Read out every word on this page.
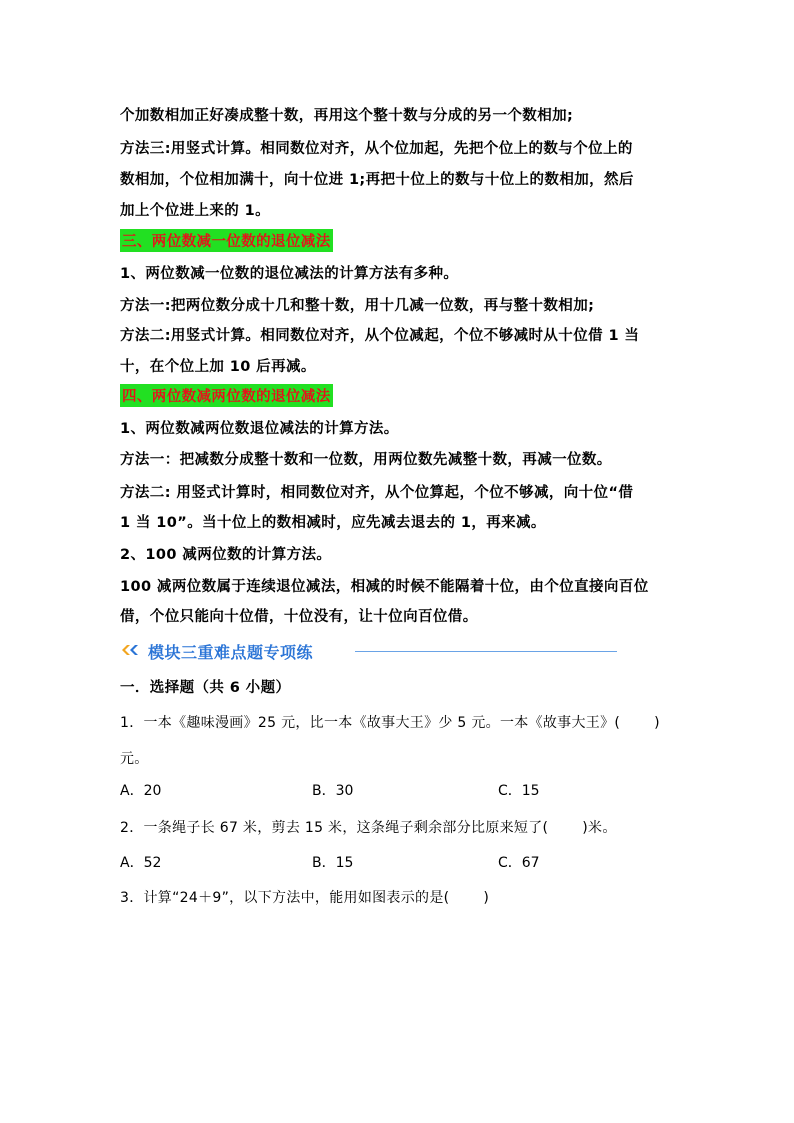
个加数相加正好凑成整十数，再用这个整十数与分成的另一个数相加;
方法三:用竖式计算。相同数位对齐，从个位加起，先把个位上的数与个位上的
数相加，个位相加满十，向十位进 1;再把十位上的数与十位上的数相加，然后
加上个位进上来的 1。
三、两位数减一位数的退位减法
1、两位数减一位数的退位减法的计算方法有多种。
方法一:把两位数分成十几和整十数，用十几减一位数，再与整十数相加;
方法二:用竖式计算。相同数位对齐，从个位减起，个位不够减时从十位借 1 当
十，在个位上加 10 后再减。
四、两位数减两位数的退位减法
1、两位数减两位数退位减法的计算方法。
方法一：把减数分成整十数和一位数，用两位数先减整十数，再减一位数。
方法二: 用竖式计算时，相同数位对齐，从个位算起，个位不够减，向十位“借
1 当 10”。当十位上的数相减时，应先减去退去的 1，再来减。
2、100 减两位数的计算方法。
100 减两位数属于连续退位减法，相减的时候不能隔着十位，由个位直接向百位
借，个位只能向十位借，十位没有，让十位向百位借。
模块三重难点题专项练
一．选择题（共 6 小题）
1．一本《趣味漫画》25 元，比一本《故事大王》少 5 元。一本《故事大王》( )
元。
A．20	B．30	C．15
2．一条绳子长 67 米，剪去 15 米，这条绳子剩余部分比原来短了( )米。
A．52	B．15	C．67
3．计算“24＋9”，以下方法中，能用如图表示的是( )
